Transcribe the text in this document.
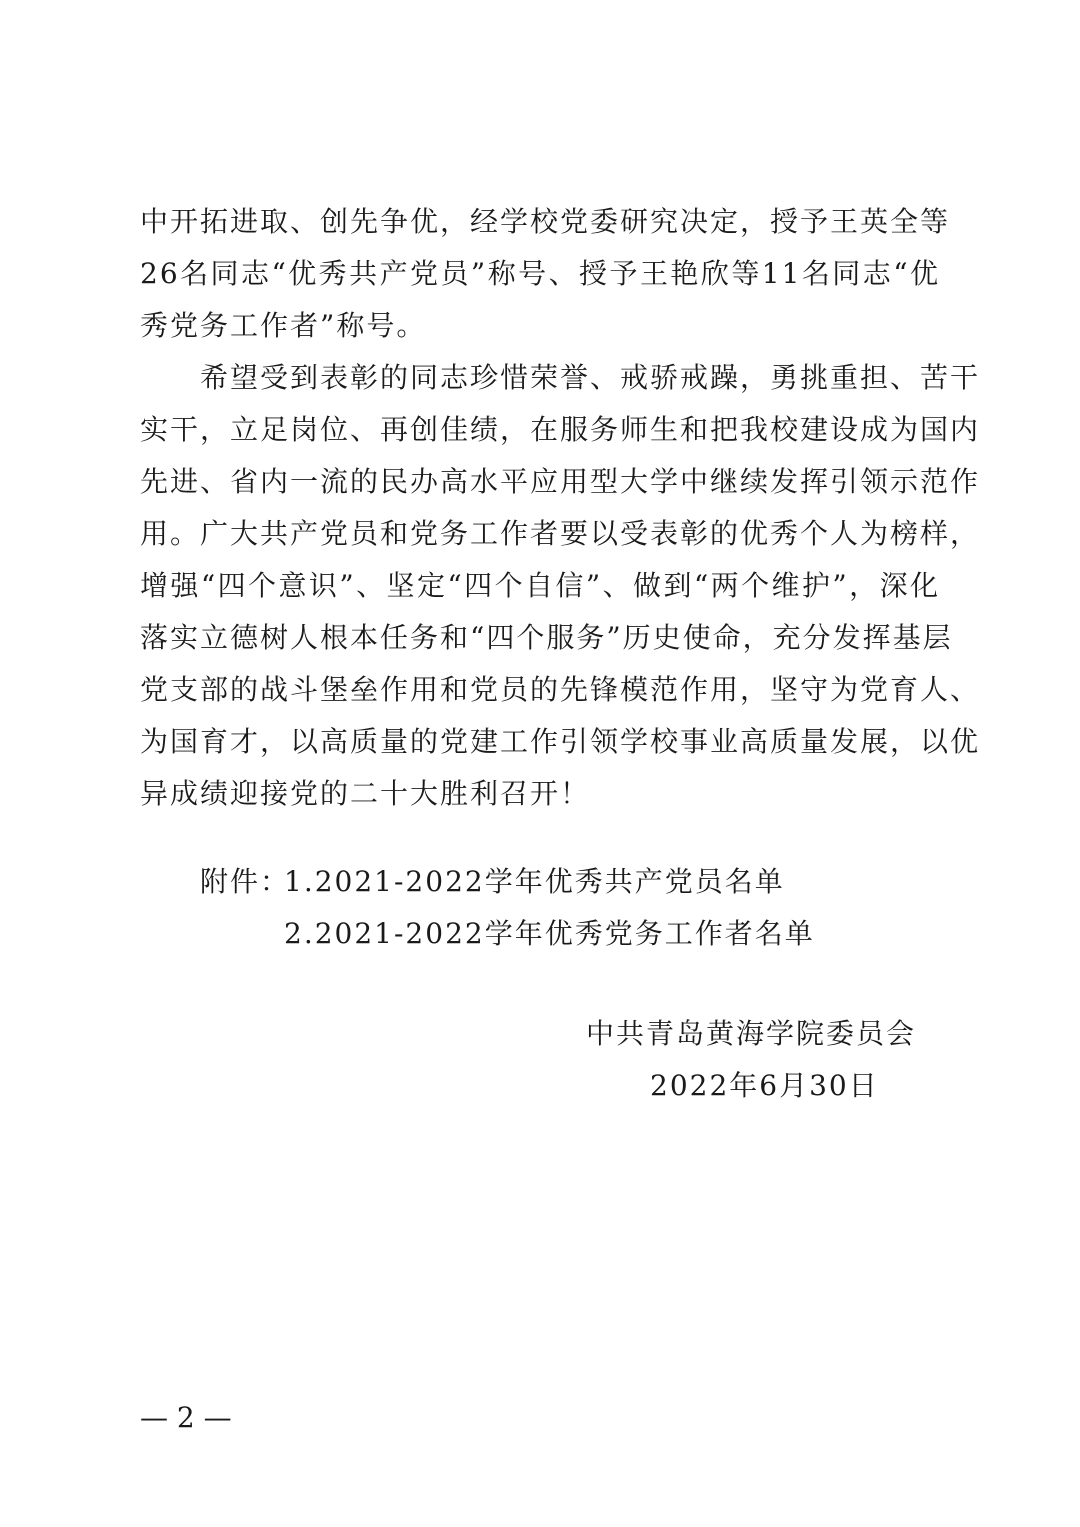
中开拓进取、创先争优，经学校党委研究决定，授予王英全等
26名同志“优秀共产党员”称号、授予王艳欣等11名同志“优
秀党务工作者”称号。
希望受到表彰的同志珍惜荣誉、戒骄戒躁，勇挑重担、苦干
实干，立足岗位、再创佳绩，在服务师生和把我校建设成为国内
先进、省内一流的民办高水平应用型大学中继续发挥引领示范作
用。广大共产党员和党务工作者要以受表彰的优秀个人为榜样，
增强“四个意识”、坚定“四个自信”、做到“两个维护”，深化
落实立德树人根本任务和“四个服务”历史使命，充分发挥基层
党支部的战斗堡垒作用和党员的先锋模范作用，坚守为党育人、
为国育才，以高质量的党建工作引领学校事业高质量发展，以优
异成绩迎接党的二十大胜利召开！
附件：
1.2021-2022学年优秀共产党员名单
2.2021-2022学年优秀党务工作者名单
中共青岛黄海学院委员会
2022年6月30日
— 2 —
